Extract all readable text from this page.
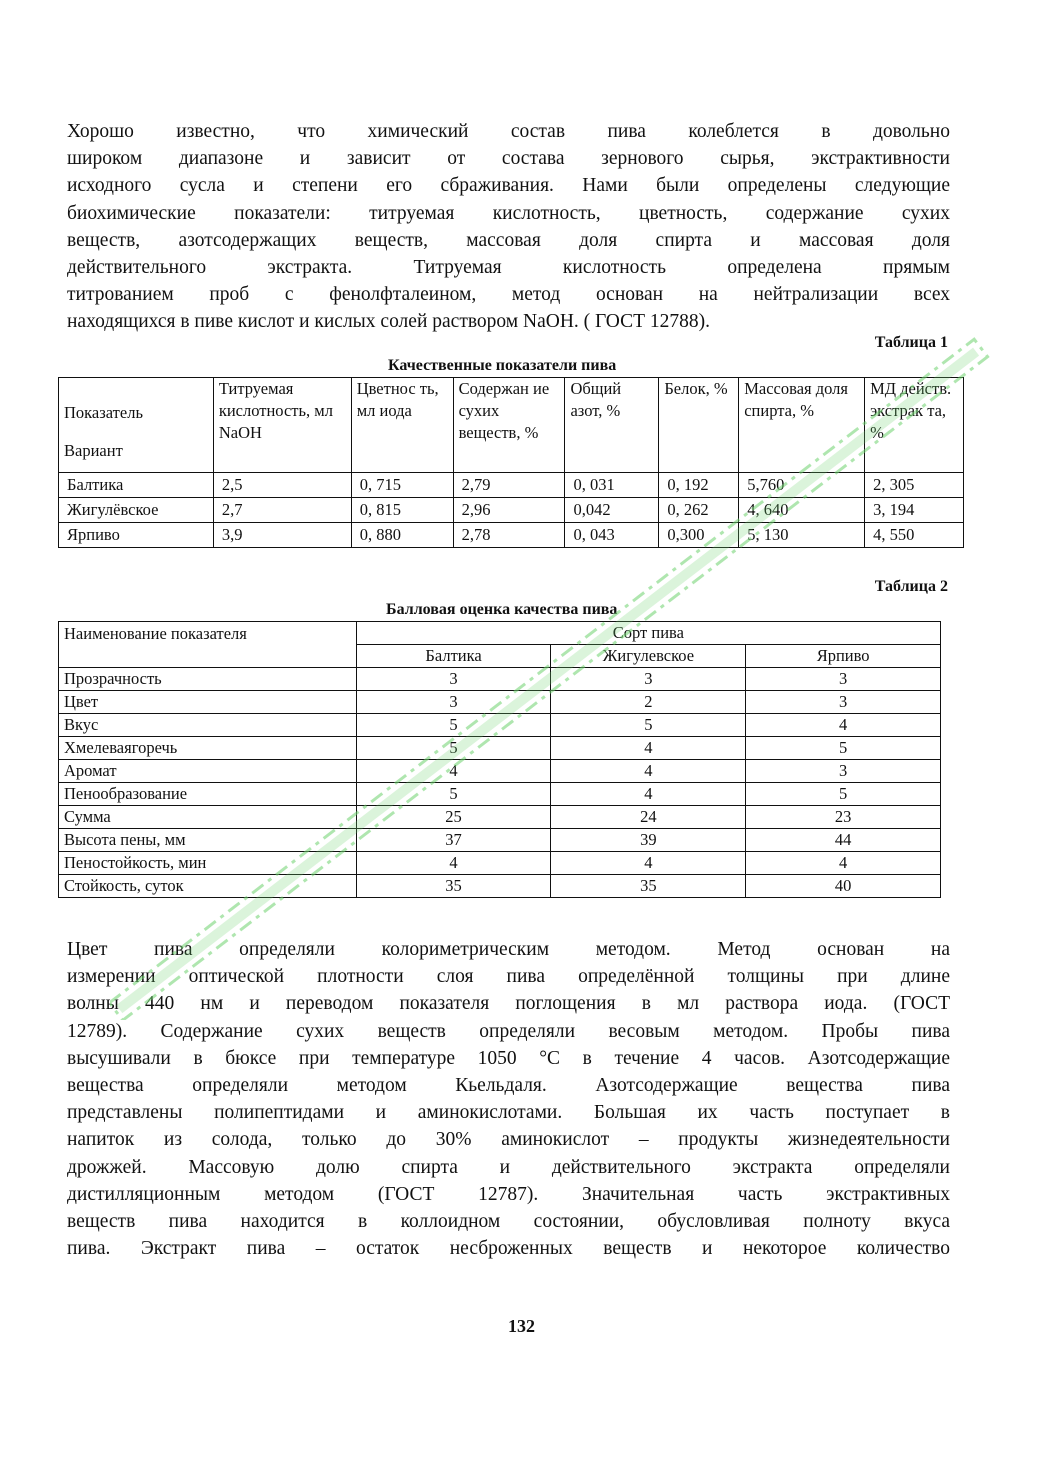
Хорошо известно, что химический состав пива колеблется в довольно
широком диапазоне и зависит от состава зернового сырья, экстрактивности
исходного сусла и степени его сбраживания. Нами были определены следующие
биохимические показатели: титруемая кислотность, цветность, содержание сухих
веществ, азотсодержащих веществ, массовая доля спирта и массовая доля
действительного экстракта. Титруемая кислотность определена прямым
титрованием проб с фенолфталеином, метод основан на нейтрализации всех
находящихся в пиве кислот и кислых солей раствором NaOH. ( ГОСТ 12788).
Таблица 1
Качественные показатели пива
Показатель
Вариант	Титруемая кислотность, мл NaOH	Цветнос ть, мл иода	Содержан ие сухих веществ, %	Общий азот, %	Белок, %	Массовая доля спирта, %	МД действ. экстрак та, %
Балтика	2,5	0, 715	2,79	0, 031	0, 192	5,760	2, 305
Жигулёвское	2,7	0, 815	2,96	0,042	0, 262	4, 640	3, 194
Ярпиво	3,9	0, 880	2,78	0, 043	0,300	5, 130	4, 550
Таблица 2
Балловая оценка качества пива
Наименование показателя	Сорт пива		
	Балтика	Жигулевское	Ярпиво
Прозрачность	3	3	3
Цвет	3	2	3
Вкус	5	5	4
Хмелеваягоречь	5	4	5
Аромат	4	4	3
Пенообразование	5	4	5
Сумма	25	24	23
Высота пены, мм	37	39	44
Пеностойкость, мин	4	4	4
Стойкость, суток	35	35	40
Цвет пива определяли колориметрическим методом. Метод основан на
измерении оптической плотности слоя пива определённой толщины при длине
волны 440 нм и переводом показателя поглощения в мл раствора иода. (ГОСТ
12789). Содержание сухих веществ определяли весовым методом. Пробы пива
высушивали в бюксе при температуре 1050 °С в течение 4 часов. Азотсодержащие
вещества определяли методом Кьельдаля. Азотсодержащие вещества пива
представлены полипептидами и аминокислотами. Большая их часть поступает в
напиток из солода, только до 30% аминокислот – продукты жизнедеятельности
дрожжей. Массовую долю спирта и действительного экстракта определяли
дистилляционным методом (ГОСТ 12787). Значительная часть экстрактивных
веществ пива находится в коллоидном состоянии, обусловливая полноту вкуса
пива. Экстракт пива – остаток несброженных веществ и некоторое количество
132
